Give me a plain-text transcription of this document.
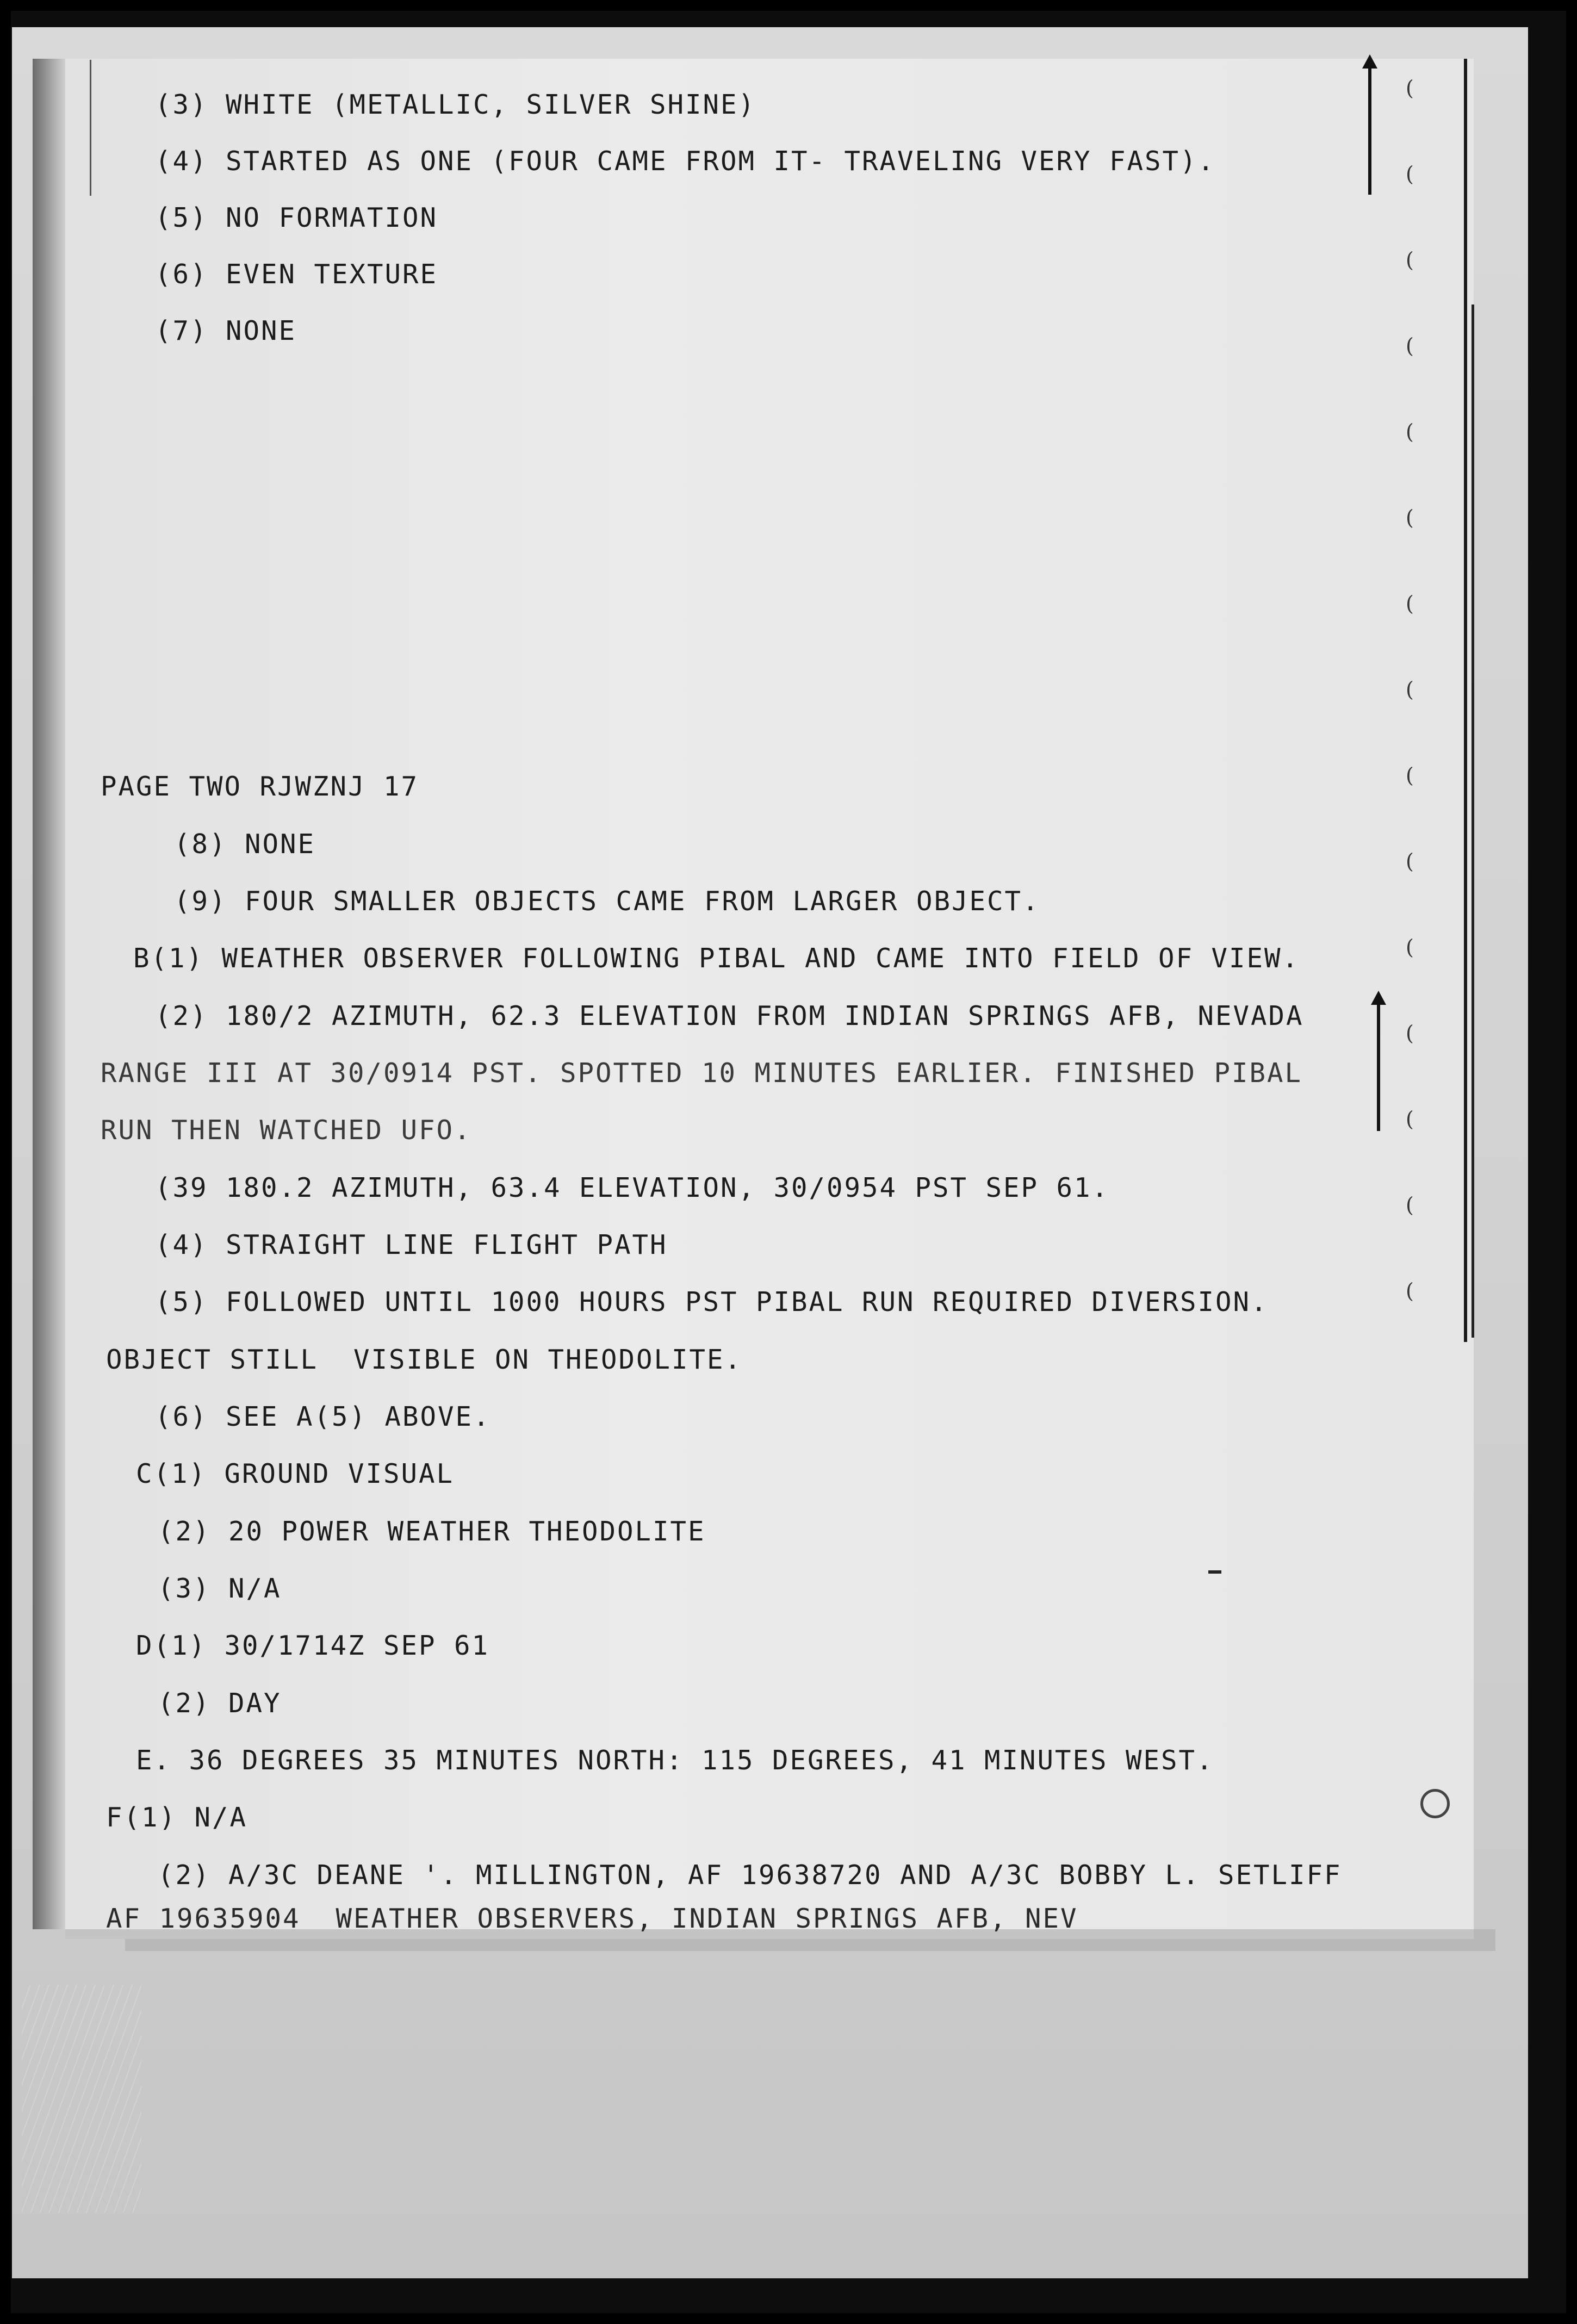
(
(
(
(
(
(
(
(
(
(
(
(
(
(
(

(3) WHITE (METALLIC, SILVER SHINE)

(4) STARTED AS ONE (FOUR CAME FROM IT- TRAVELING VERY FAST).

(5) NO FORMATION

(6) EVEN TEXTURE

(7) NONE

PAGE TWO RJWZNJ 17

(8) NONE

(9) FOUR SMALLER OBJECTS CAME FROM LARGER OBJECT.

B(1) WEATHER OBSERVER FOLLOWING PIBAL AND CAME INTO FIELD OF VIEW.

(2) 180/2 AZIMUTH, 62.3 ELEVATION FROM INDIAN SPRINGS AFB, NEVADA

RANGE III AT 30/0914 PST. SPOTTED 10 MINUTES EARLIER. FINISHED PIBAL

RUN THEN WATCHED UFO.

(39 180.2 AZIMUTH, 63.4 ELEVATION, 30/0954 PST SEP 61.

(4) STRAIGHT LINE FLIGHT PATH

(5) FOLLOWED UNTIL 1000 HOURS PST PIBAL RUN REQUIRED DIVERSION.

OBJECT STILL  VISIBLE ON THEODOLITE.

(6) SEE A(5) ABOVE.

C(1) GROUND VISUAL

(2) 20 POWER WEATHER THEODOLITE

(3) N/A

D(1) 30/1714Z SEP 61

(2) DAY

E. 36 DEGREES 35 MINUTES NORTH: 115 DEGREES, 41 MINUTES WEST.

F(1) N/A

(2) A/3C DEANE '. MILLINGTON, AF 19638720 AND A/3C BOBBY L. SETLIFF

AF 19635904  WEATHER OBSERVERS, INDIAN SPRINGS AFB, NEV
